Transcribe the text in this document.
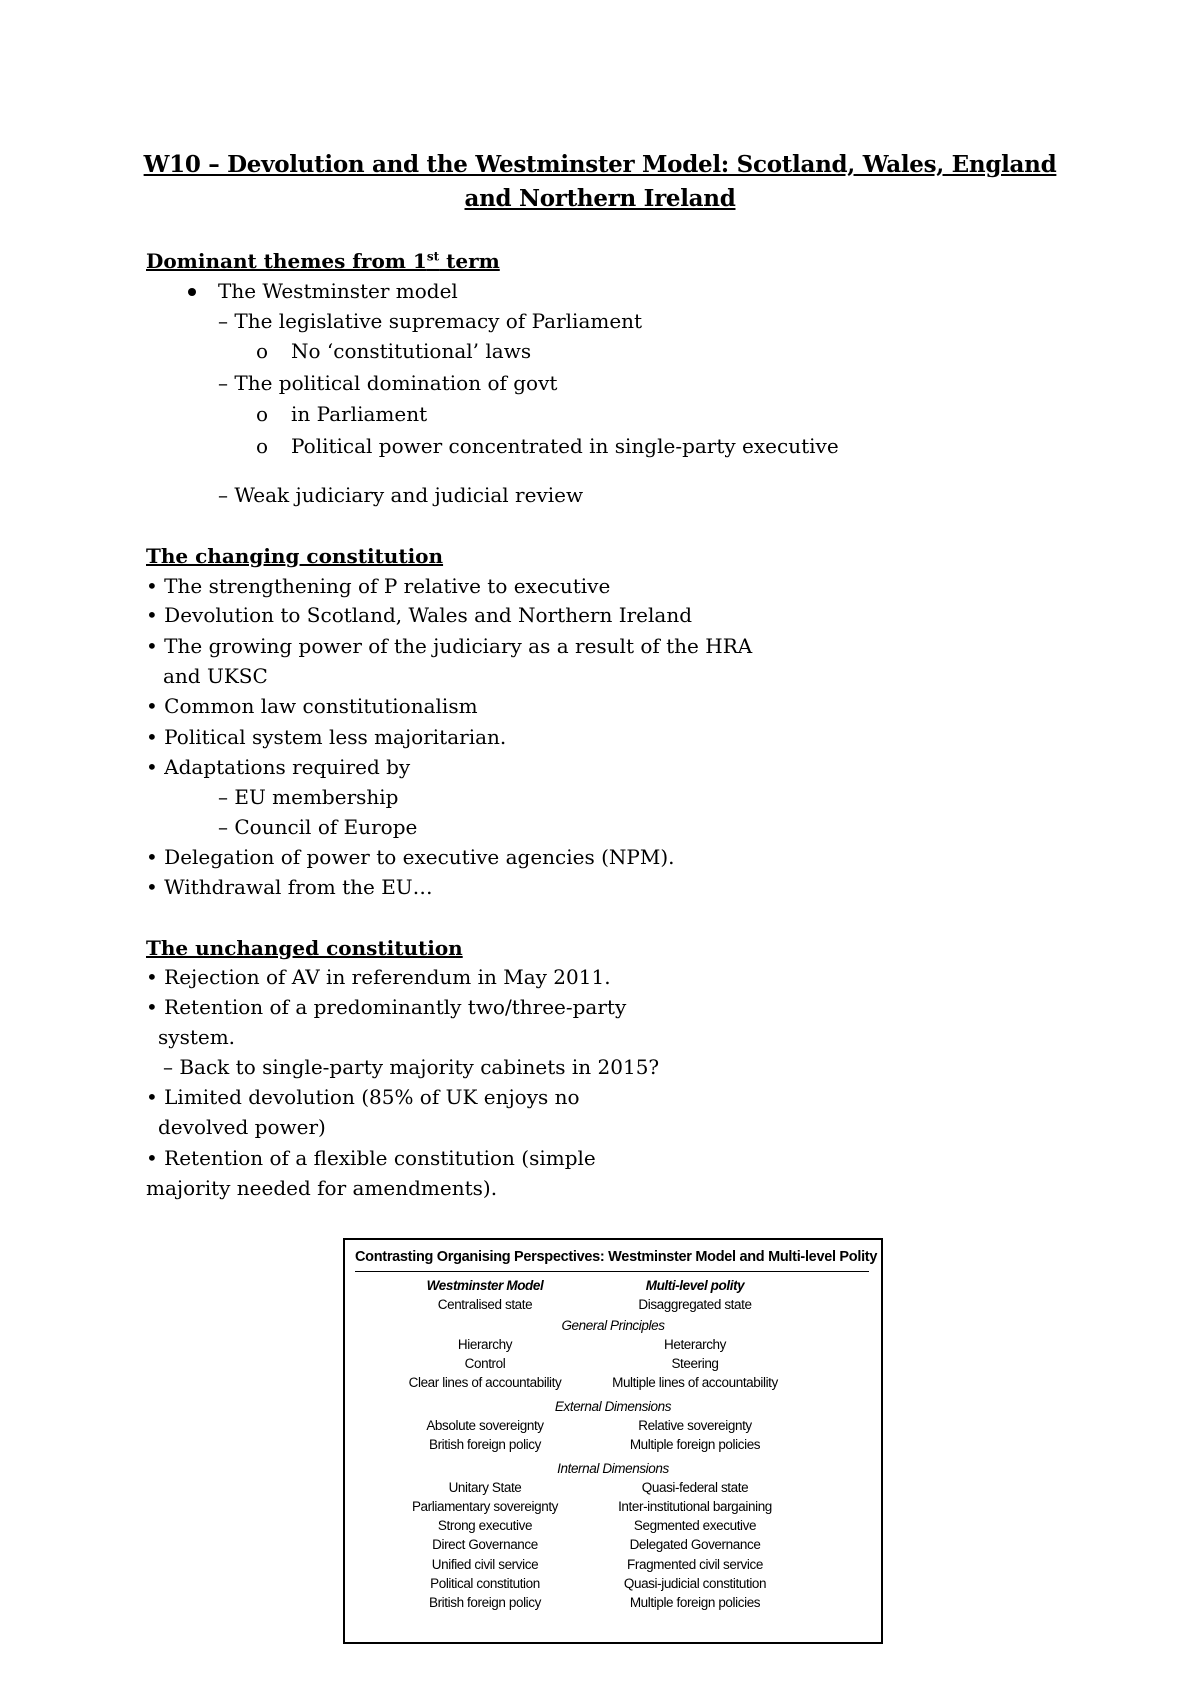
W10 – Devolution and the Westminster Model: Scotland, Wales, England
and Northern Ireland
Dominant themes from 1st term
The Westminster model
– The legislative supremacy of Parliament
o No ‘constitutional’ laws
– The political domination of govt
o in Parliament
o Political power concentrated in single-party executive
– Weak judiciary and judicial review
The changing constitution
• The strengthening of P relative to executive
• Devolution to Scotland, Wales and Northern Ireland
• The growing power of the judiciary as a result of the HRA
and UKSC
• Common law constitutionalism
• Political system less majoritarian.
• Adaptations required by
– EU membership
– Council of Europe
• Delegation of power to executive agencies (NPM).
• Withdrawal from the EU…
The unchanged constitution
• Rejection of AV in referendum in May 2011.
• Retention of a predominantly two/three-party
system.
– Back to single-party majority cabinets in 2015?
• Limited devolution (85% of UK enjoys no
devolved power)
• Retention of a flexible constitution (simple
majority needed for amendments).
Contrasting Organising Perspectives: Westminster Model and Multi-level Polity
Westminster Model	Multi-level polity
Centralised state	Disaggregated state
General Principles
Hierarchy	Heterarchy
Control	Steering
Clear lines of accountability	Multiple lines of accountability
External Dimensions
Absolute sovereignty	Relative sovereignty
British foreign policy	Multiple foreign policies
Internal Dimensions
Unitary State	Quasi-federal state
Parliamentary sovereignty	Inter-institutional bargaining
Strong executive	Segmented executive
Direct Governance	Delegated Governance
Unified civil service	Fragmented civil service
Political constitution	Quasi-judicial constitution
British foreign policy	Multiple foreign policies
